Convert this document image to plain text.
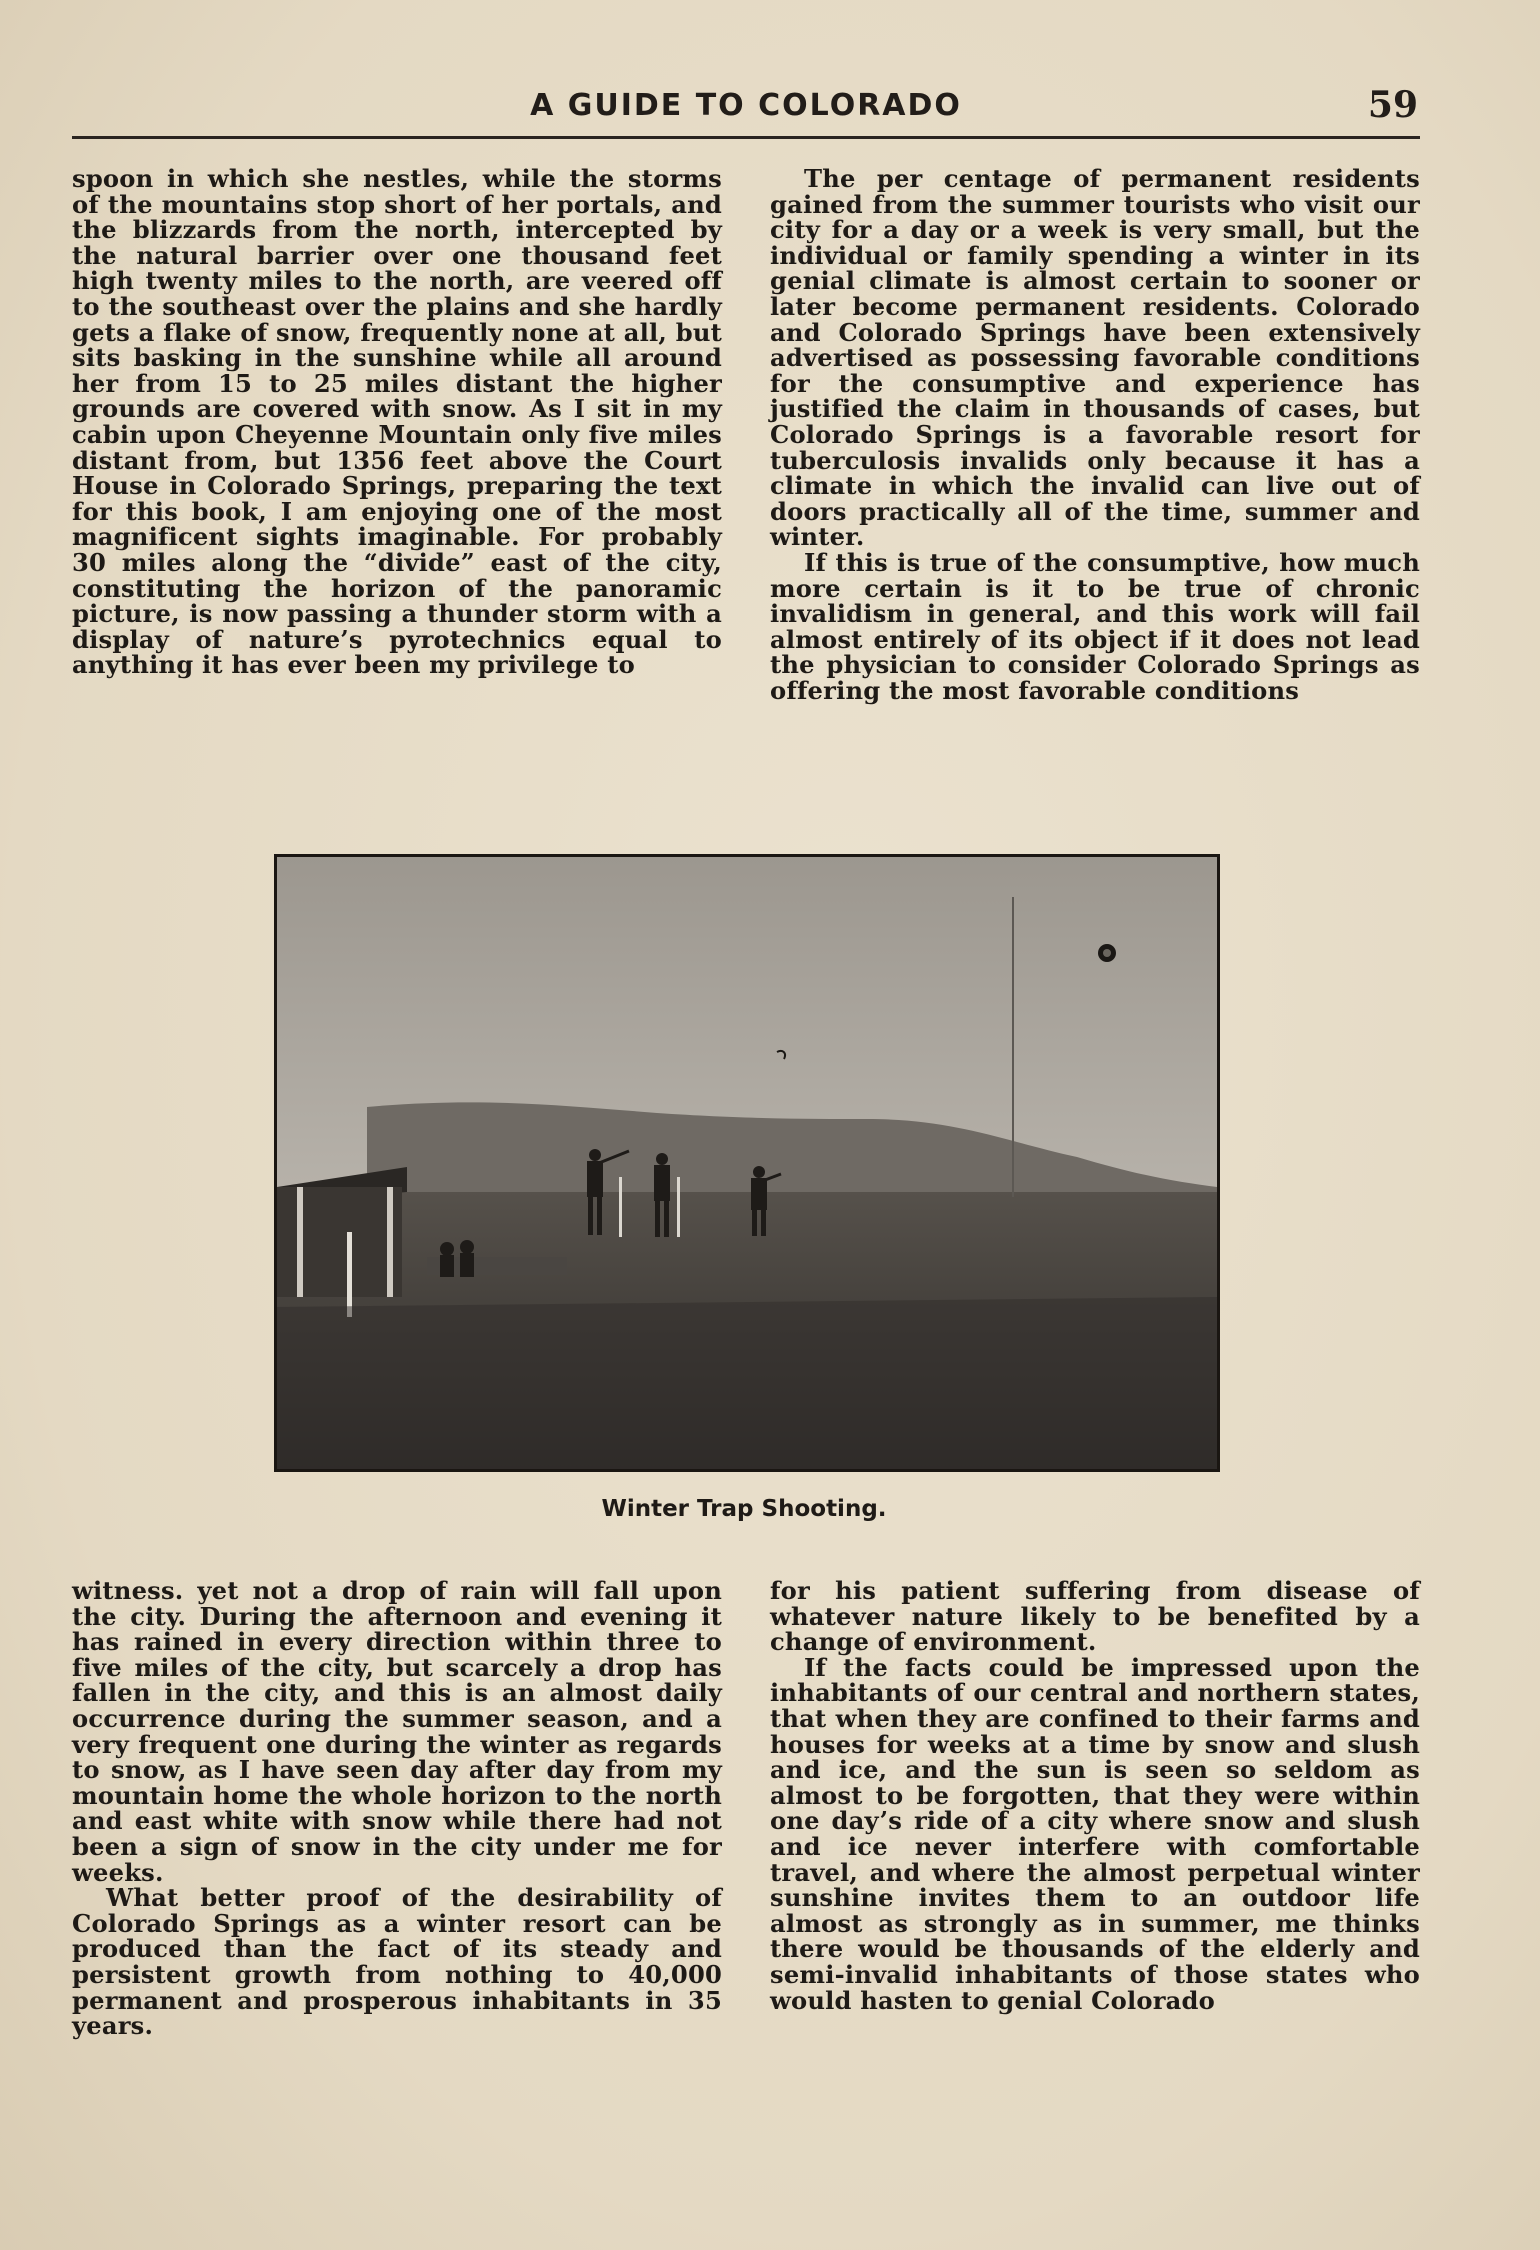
A GUIDE TO COLORADO	59

spoon in which she nestles, while the storms of the mountains stop short of her portals, and the blizzards from the north, intercepted by the natural barrier over one thousand feet high twenty miles to the north, are veered off to the southeast over the plains and she hardly gets a flake of snow, frequently none at all, but sits basking in the sunshine while all around her from 15 to 25 miles distant the higher grounds are covered with snow. As I sit in my cabin upon Cheyenne Mountain only five miles distant from, but 1356 feet above the Court House in Colorado Springs, preparing the text for this book, I am enjoying one of the most magnificent sights imaginable. For probably 30 miles along the “divide” east of the city, constituting the horizon of the panoramic picture, is now passing a thunder storm with a display of nature’s pyrotechnics equal to anything it has ever been my privilege to

The per centage of permanent residents gained from the summer tourists who visit our city for a day or a week is very small, but the individual or family spending a winter in its genial climate is almost certain to sooner or later become permanent residents. Colorado and Colorado Springs have been extensively advertised as possessing favorable conditions for the consumptive and experience has justified the claim in thousands of cases, but Colorado Springs is a favorable resort for tuberculosis invalids only because it has a climate in which the invalid can live out of doors practically all of the time, summer and winter.

If this is true of the consumptive, how much more certain is it to be true of chronic invalidism in general, and this work will fail almost entirely of its object if it does not lead the physician to consider Colorado Springs as offering the most favorable conditions

Winter Trap Shooting.

witness. yet not a drop of rain will fall upon the city. During the afternoon and evening it has rained in every direction within three to five miles of the city, but scarcely a drop has fallen in the city, and this is an almost daily occurrence during the summer season, and a very frequent one during the winter as regards to snow, as I have seen day after day from my mountain home the whole horizon to the north and east white with snow while there had not been a sign of snow in the city under me for weeks.

What better proof of the desirability of Colorado Springs as a winter resort can be produced than the fact of its steady and persistent growth from nothing to 40,000 permanent and prosperous inhabitants in 35 years.

for his patient suffering from disease of whatever nature likely to be benefited by a change of environment.

If the facts could be impressed upon the inhabitants of our central and northern states, that when they are confined to their farms and houses for weeks at a time by snow and slush and ice, and the sun is seen so seldom as almost to be forgotten, that they were within one day’s ride of a city where snow and slush and ice never interfere with comfortable travel, and where the almost perpetual winter sunshine invites them to an outdoor life almost as strongly as in summer, me thinks there would be thousands of the elderly and semi-invalid inhabitants of those states who would hasten to genial Colorado
